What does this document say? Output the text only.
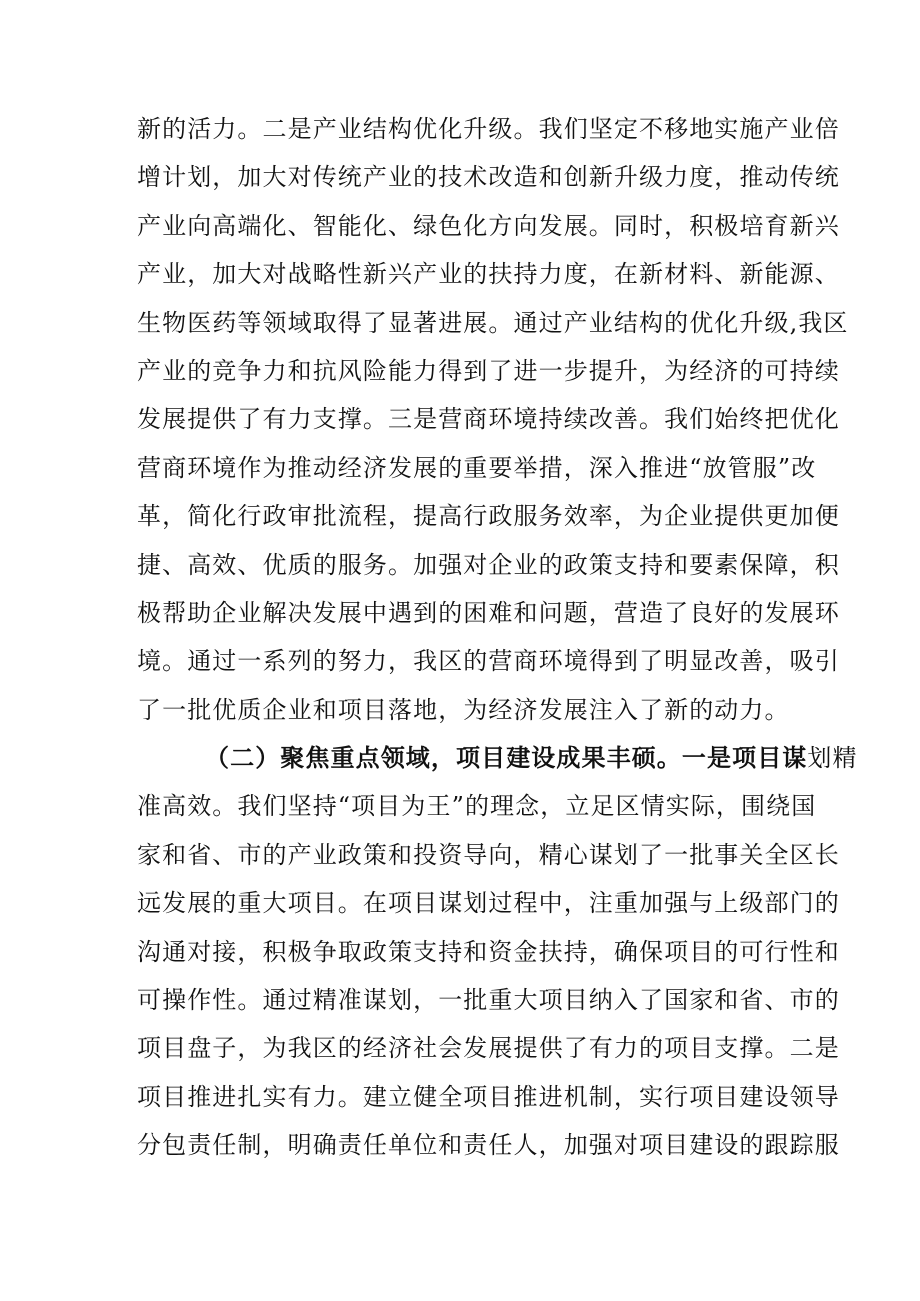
新的活力。二是产业结构优化升级。我们坚定不移地实施产业倍
增计划，加大对传统产业的技术改造和创新升级力度，推动传统
产业向高端化、智能化、绿色化方向发展。同时，积极培育新兴
产业，加大对战略性新兴产业的扶持力度，在新材料、新能源、
生物医药等领域取得了显著进展。通过产业结构的优化升级,我区
产业的竞争力和抗风险能力得到了进一步提升，为经济的可持续
发展提供了有力支撑。三是营商环境持续改善。我们始终把优化
营商环境作为推动经济发展的重要举措，深入推进“放管服”改
革，简化行政审批流程，提高行政服务效率，为企业提供更加便
捷、高效、优质的服务。加强对企业的政策支持和要素保障，积
极帮助企业解决发展中遇到的困难和问题，营造了良好的发展环
境。通过一系列的努力，我区的营商环境得到了明显改善，吸引
了一批优质企业和项目落地，为经济发展注入了新的动力。
（二）聚焦重点领域，项目建设成果丰硕。一是项目谋划精
准高效。我们坚持“项目为王”的理念，立足区情实际，围绕国
家和省、市的产业政策和投资导向，精心谋划了一批事关全区长
远发展的重大项目。在项目谋划过程中，注重加强与上级部门的
沟通对接，积极争取政策支持和资金扶持，确保项目的可行性和
可操作性。通过精准谋划，一批重大项目纳入了国家和省、市的
项目盘子，为我区的经济社会发展提供了有力的项目支撑。二是
项目推进扎实有力。建立健全项目推进机制，实行项目建设领导
分包责任制，明确责任单位和责任人，加强对项目建设的跟踪服
